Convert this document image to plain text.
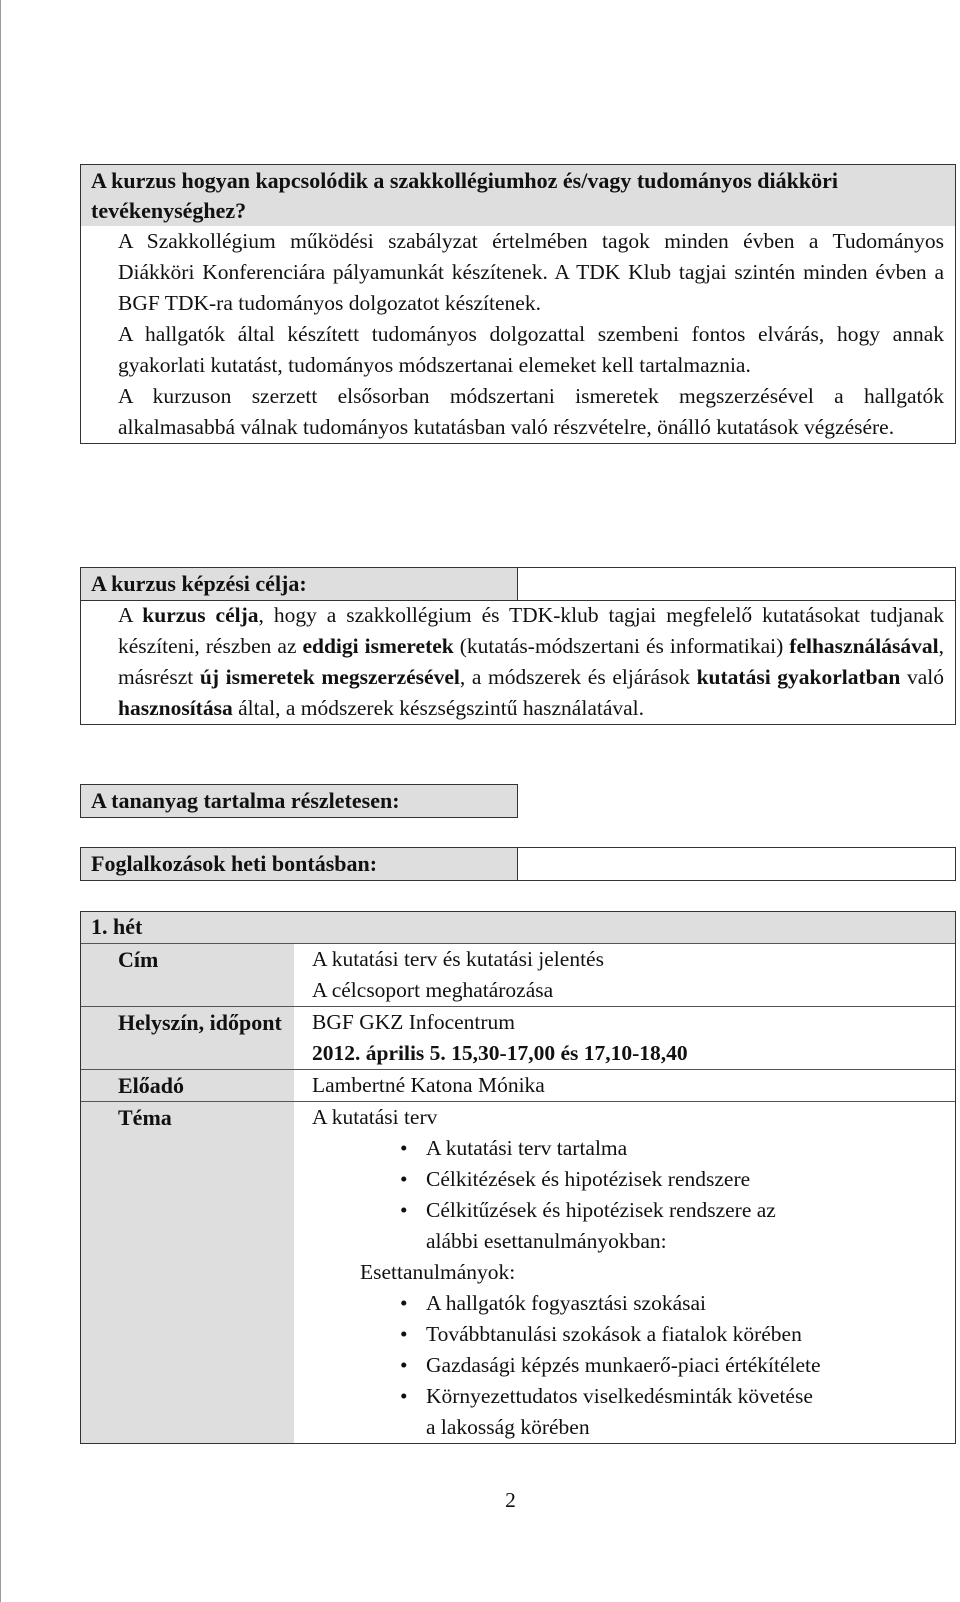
A kurzus hogyan kapcsolódik a szakkollégiumhoz és/vagy tudományos diákköri tevékenységhez?

A Szakkollégium működési szabályzat értelmében tagok minden évben a Tudományos Diákköri Konferenciára pályamunkát készítenek. A TDK Klub tagjai szintén minden évben a BGF TDK-ra tudományos dolgozatot készítenek.

A hallgatók által készített tudományos dolgozattal szembeni fontos elvárás, hogy annak gyakorlati kutatást, tudományos módszertanai elemeket kell tartalmaznia.

A kurzuson szerzett elsősorban módszertani ismeretek megszerzésével a hallgatók alkalmasabbá válnak tudományos kutatásban való részvételre, önálló kutatások végzésére.

A kurzus képzési célja:
A kurzus célja, hogy a szakkollégium és TDK-klub tagjai megfelelő kutatásokat tudjanak készíteni, részben az eddigi ismeretek (kutatás-módszertani és informatikai) felhasználásával, másrészt új ismeretek megszerzésével, a módszerek és eljárások kutatási gyakorlatban való hasznosítása által, a módszerek készségszintű használatával.
A tananyag tartalma részletesen:
Foglalkozások heti bontásban:
1. hét
Cím	A kutatási terv és kutatási jelentés
A célcsoport meghatározása
Helyszín, időpont	BGF GKZ Infocentrum
2012. április 5. 15,30-17,00 és 17,10-18,40
Előadó	Lambertné Katona Mónika
Téma	A kutatási terv
• A kutatási terv tartalma
• Célkitézések és hipotézisek rendszere
• Célkitűzések és hipotézisek rendszere az
alábbi esettanulmányokban:
Esettanulmányok:
• A hallgatók fogyasztási szokásai
• Továbbtanulási szokások a fiatalok körében
• Gazdasági képzés munkaerő-piaci értékítélete
• Környezettudatos viselkedésminták követése
a lakosság körében
2
